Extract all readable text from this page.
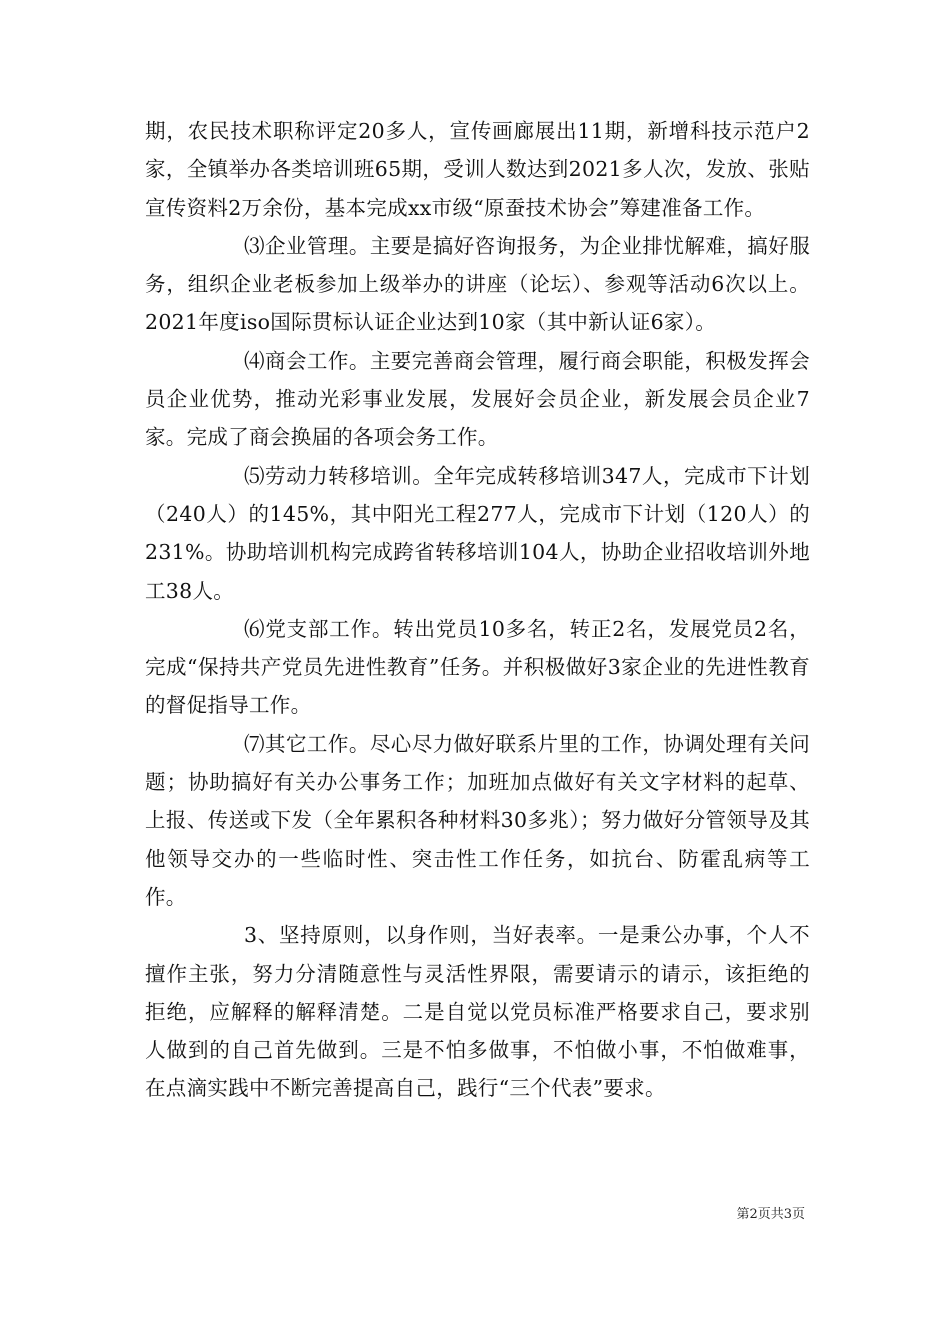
期，农民技术职称评定20多人，宣传画廊展出11期，新增科技示范户2家，全镇举办各类培训班65期，受训人数达到2021多人次，发放、张贴宣传资料2万余份，基本完成xx市级“原蚕技术协会”筹建准备工作。

⑶企业管理。主要是搞好咨询报务，为企业排忧解难，搞好服务，组织企业老板参加上级举办的讲座（论坛）、参观等活动6次以上。2021年度iso国际贯标认证企业达到10家（其中新认证6家）。

⑷商会工作。主要完善商会管理，履行商会职能，积极发挥会员企业优势，推动光彩事业发展，发展好会员企业，新发展会员企业7家。完成了商会换届的各项会务工作。

⑸劳动力转移培训。全年完成转移培训347人，完成市下计划（240人）的145%，其中阳光工程277人，完成市下计划（120人）的231%。协助培训机构完成跨省转移培训104人，协助企业招收培训外地工38人。

⑹党支部工作。转出党员10多名，转正2名，发展党员2名，完成“保持共产党员先进性教育”任务。并积极做好3家企业的先进性教育的督促指导工作。

⑺其它工作。尽心尽力做好联系片里的工作，协调处理有关问题；协助搞好有关办公事务工作；加班加点做好有关文字材料的起草、上报、传送或下发（全年累积各种材料30多兆）；努力做好分管领导及其他领导交办的一些临时性、突击性工作任务，如抗台、防霍乱病等工作。

3、坚持原则，以身作则，当好表率。一是秉公办事，个人不擅作主张，努力分清随意性与灵活性界限，需要请示的请示，该拒绝的拒绝，应解释的解释清楚。二是自觉以党员标准严格要求自己，要求别人做到的自己首先做到。三是不怕多做事，不怕做小事，不怕做难事，在点滴实践中不断完善提高自己，践行“三个代表”要求。

第2页共3页
